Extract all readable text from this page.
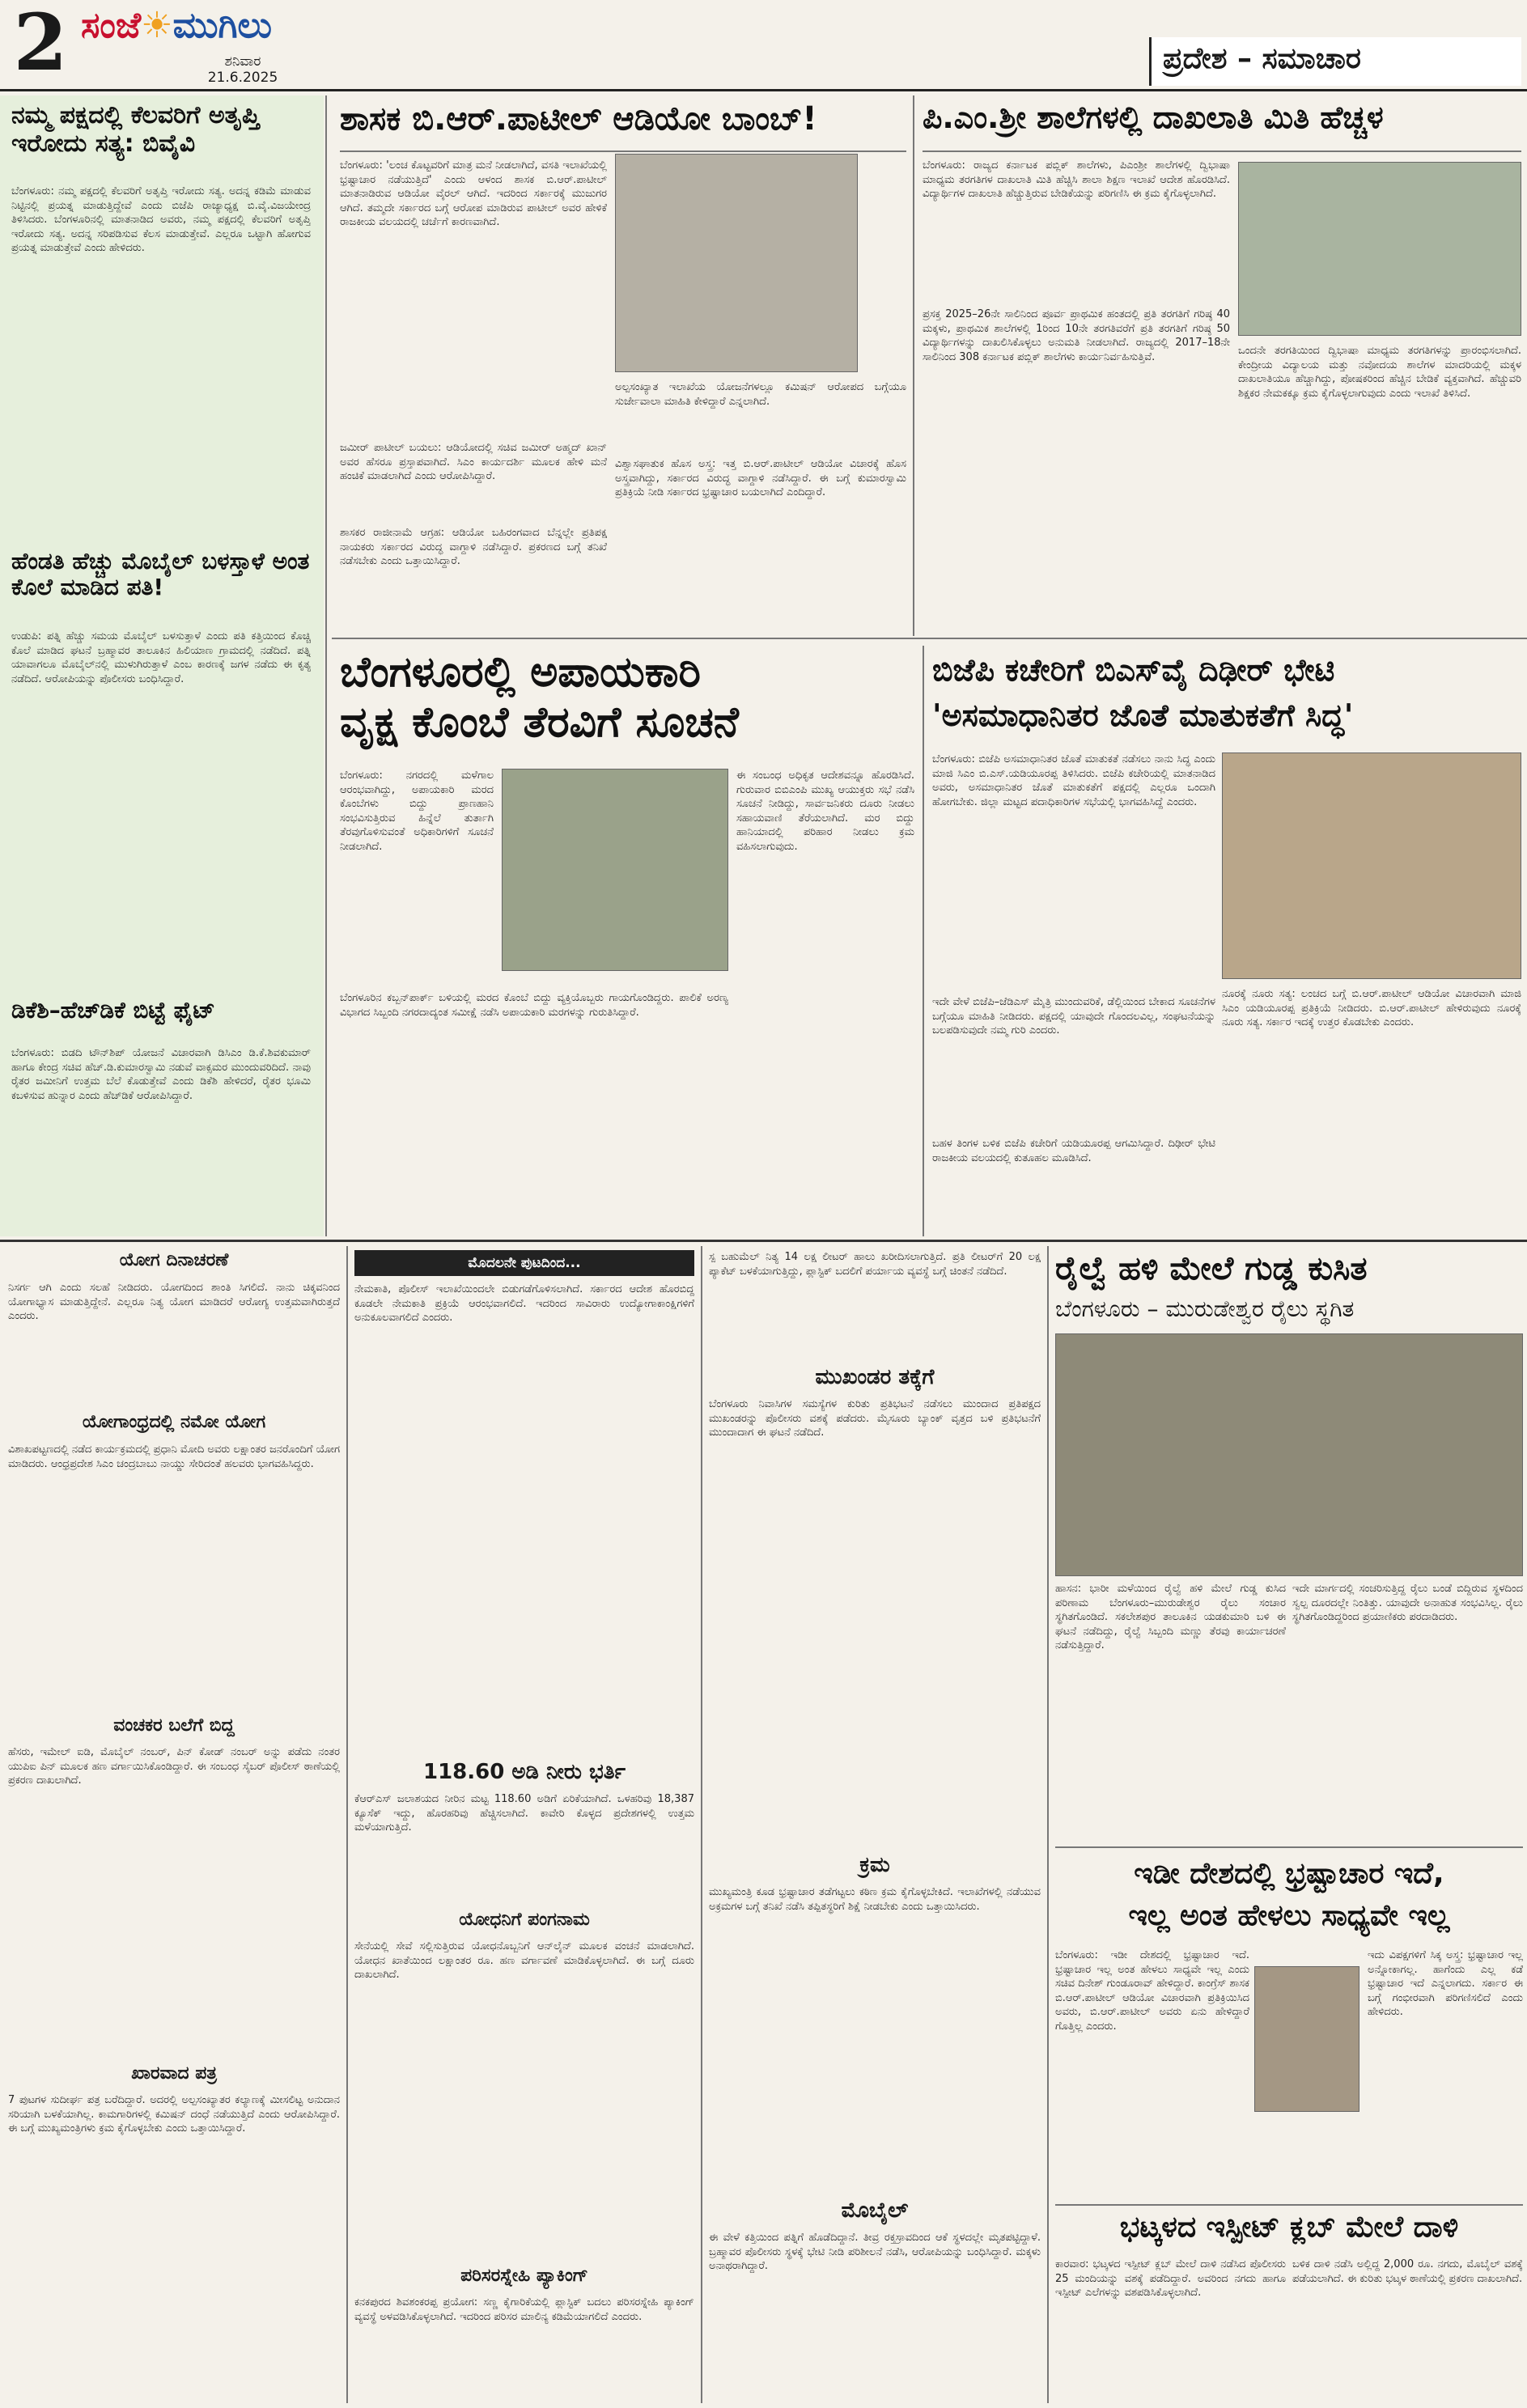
2 ಸಂಜೆ☀ಮುಗಿಲು
ಶನಿವಾರ
21.6.2025
ಪ್ರದೇಶ – ಸಮಾಚಾರ
ನಮ್ಮ ಪಕ್ಷದಲ್ಲಿ ಕೆಲವರಿಗೆ ಅತೃಪ್ತಿ ಇರೋದು ಸತ್ಯ: ಬಿವೈವಿ
ಬೆಂಗಳೂರು: ನಮ್ಮ ಪಕ್ಷದಲ್ಲಿ ಕೆಲವರಿಗೆ ಅತೃಪ್ತಿ ಇರೋದು ಸತ್ಯ. ಅದನ್ನ ಕಡಿಮೆ ಮಾಡುವ ನಿಟ್ಟಿನಲ್ಲಿ ಪ್ರಯತ್ನ ಮಾಡುತ್ತಿದ್ದೇವೆ ಎಂದು ಬಿಜೆಪಿ ರಾಜ್ಯಾಧ್ಯಕ್ಷ ಬಿ.ವೈ.ವಿಜಯೇಂದ್ರ ತಿಳಿಸಿದರು. ಬೆಂಗಳೂರಿನಲ್ಲಿ ಮಾತನಾಡಿದ ಅವರು, ನಮ್ಮ ಪಕ್ಷದಲ್ಲಿ ಕೆಲವರಿಗೆ ಅತೃಪ್ತಿ ಇರೋದು ಸತ್ಯ. ಅದನ್ನ ಸರಿಪಡಿಸುವ ಕೆಲಸ ಮಾಡುತ್ತೇವೆ. ಎಲ್ಲರೂ ಒಟ್ಟಾಗಿ ಹೋಗುವ ಪ್ರಯತ್ನ ಮಾಡುತ್ತೇವೆ ಎಂದು ಹೇಳಿದರು.
ಹೆಂಡತಿ ಹೆಚ್ಚು ಮೊಬೈಲ್ ಬಳಸ್ತಾಳೆ ಅಂತ ಕೊಲೆ ಮಾಡಿದ ಪತಿ!
ಉಡುಪಿ: ಪತ್ನಿ ಹೆಚ್ಚು ಸಮಯ ಮೊಬೈಲ್ ಬಳಸುತ್ತಾಳೆ ಎಂದು ಪತಿ ಕತ್ತಿಯಿಂದ ಕೊಚ್ಚಿ ಕೊಲೆ ಮಾಡಿದ ಘಟನೆ ಬ್ರಹ್ಮಾವರ ತಾಲೂಕಿನ ಹಿಲಿಯಾಣ ಗ್ರಾಮದಲ್ಲಿ ನಡೆದಿದೆ. ಪತ್ನಿ ಯಾವಾಗಲೂ ಮೊಬೈಲ್‌ನಲ್ಲಿ ಮುಳುಗಿರುತ್ತಾಳೆ ಎಂಬ ಕಾರಣಕ್ಕೆ ಜಗಳ ನಡೆದು ಈ ಕೃತ್ಯ ನಡೆದಿದೆ. ಆರೋಪಿಯನ್ನು ಪೊಲೀಸರು ಬಂಧಿಸಿದ್ದಾರೆ.
ಡಿಕೆಶಿ–ಹೆಚ್‌ಡಿಕೆ ಬಿಟ್ಟೆ ಫೈಟ್
ಬೆಂಗಳೂರು: ಬಿಡದಿ ಟೌನ್‌ಶಿಪ್ ಯೋಜನೆ ವಿಚಾರವಾಗಿ ಡಿಸಿಎಂ ಡಿ.ಕೆ.ಶಿವಕುಮಾರ್ ಹಾಗೂ ಕೇಂದ್ರ ಸಚಿವ ಹೆಚ್.ಡಿ.ಕುಮಾರಸ್ವಾಮಿ ನಡುವೆ ವಾಕ್ಸಮರ ಮುಂದುವರಿದಿದೆ. ನಾವು ರೈತರ ಜಮೀನಿಗೆ ಉತ್ತಮ ಬೆಲೆ ಕೊಡುತ್ತೇವೆ ಎಂದು ಡಿಕೆಶಿ ಹೇಳಿದರೆ, ರೈತರ ಭೂಮಿ ಕಬಳಿಸುವ ಹುನ್ನಾರ ಎಂದು ಹೆಚ್‌ಡಿಕೆ ಆರೋಪಿಸಿದ್ದಾರೆ.
ಶಾಸಕ ಬಿ.ಆರ್.ಪಾಟೀಲ್ ಆಡಿಯೋ ಬಾಂಬ್!
ಬೆಂಗಳೂರು: 'ಲಂಚ ಕೊಟ್ಟವರಿಗೆ ಮಾತ್ರ ಮನೆ ನೀಡಲಾಗಿದೆ, ವಸತಿ ಇಲಾಖೆಯಲ್ಲಿ ಭ್ರಷ್ಟಾಚಾರ ನಡೆಯುತ್ತಿದೆ' ಎಂದು ಆಳಂದ ಶಾಸಕ ಬಿ.ಆರ್.ಪಾಟೀಲ್ ಮಾತನಾಡಿರುವ ಆಡಿಯೋ ವೈರಲ್ ಆಗಿದೆ. ಇದರಿಂದ ಸರ್ಕಾರಕ್ಕೆ ಮುಜುಗರ ಆಗಿದೆ. ತಮ್ಮದೇ ಸರ್ಕಾರದ ಬಗ್ಗೆ ಆರೋಪ ಮಾಡಿರುವ ಪಾಟೀಲ್ ಅವರ ಹೇಳಿಕೆ ರಾಜಕೀಯ ವಲಯದಲ್ಲಿ ಚರ್ಚೆಗೆ ಕಾರಣವಾಗಿದೆ.
ಜಮೀರ್ ಪಾಟೀಲ್ ಬಯಲು: ಆಡಿಯೋದಲ್ಲಿ ಸಚಿವ ಜಮೀರ್ ಅಹ್ಮದ್ ಖಾನ್ ಅವರ ಹೆಸರೂ ಪ್ರಸ್ತಾಪವಾಗಿದೆ. ಸಿಎಂ ಕಾರ್ಯದರ್ಶಿ ಮೂಲಕ ಹೇಳಿ ಮನೆ ಹಂಚಿಕೆ ಮಾಡಲಾಗಿದೆ ಎಂದು ಆರೋಪಿಸಿದ್ದಾರೆ.
ಶಾಸಕರ ರಾಜೀನಾಮೆ ಆಗ್ರಹ: ಆಡಿಯೋ ಬಹಿರಂಗವಾದ ಬೆನ್ನಲ್ಲೇ ಪ್ರತಿಪಕ್ಷ ನಾಯಕರು ಸರ್ಕಾರದ ವಿರುದ್ಧ ವಾಗ್ದಾಳಿ ನಡೆಸಿದ್ದಾರೆ. ಪ್ರಕರಣದ ಬಗ್ಗೆ ತನಿಖೆ ನಡೆಸಬೇಕು ಎಂದು ಒತ್ತಾಯಿಸಿದ್ದಾರೆ.
ಅಲ್ಪಸಂಖ್ಯಾತ ಇಲಾಖೆಯ ಯೋಜನೆಗಳಲ್ಲೂ ಕಮಿಷನ್ ಆರೋಪದ ಬಗ್ಗೆಯೂ ಸುರ್ಜೇವಾಲಾ ಮಾಹಿತಿ ಕೇಳಿದ್ದಾರೆ ಎನ್ನಲಾಗಿದೆ.
ವಿಶ್ವಾಸಘಾತುಕ ಹೊಸ ಅಸ್ತ್ರ: ಇತ್ತ ಬಿ.ಆರ್.ಪಾಟೀಲ್ ಆಡಿಯೋ ವಿಚಾರಕ್ಕೆ ಹೊಸ ಅಸ್ತ್ರವಾಗಿದ್ದು, ಸರ್ಕಾರದ ವಿರುದ್ಧ ವಾಗ್ದಾಳಿ ನಡೆಸಿದ್ದಾರೆ. ಈ ಬಗ್ಗೆ ಕುಮಾರಸ್ವಾಮಿ ಪ್ರತಿಕ್ರಿಯೆ ನೀಡಿ ಸರ್ಕಾರದ ಭ್ರಷ್ಟಾಚಾರ ಬಯಲಾಗಿದೆ ಎಂದಿದ್ದಾರೆ.
ಪಿ.ಎಂ.ಶ್ರೀ ಶಾಲೆಗಳಲ್ಲಿ ದಾಖಲಾತಿ ಮಿತಿ ಹೆಚ್ಚಳ
ಬೆಂಗಳೂರು: ರಾಜ್ಯದ ಕರ್ನಾಟಕ ಪಬ್ಲಿಕ್ ಶಾಲೆಗಳು, ಪಿಎಂಶ್ರೀ ಶಾಲೆಗಳಲ್ಲಿ ದ್ವಿಭಾಷಾ ಮಾಧ್ಯಮ ತರಗತಿಗಳ ದಾಖಲಾತಿ ಮಿತಿ ಹೆಚ್ಚಿಸಿ ಶಾಲಾ ಶಿಕ್ಷಣ ಇಲಾಖೆ ಆದೇಶ ಹೊರಡಿಸಿದೆ. ವಿದ್ಯಾರ್ಥಿಗಳ ದಾಖಲಾತಿ ಹೆಚ್ಚುತ್ತಿರುವ ಬೇಡಿಕೆಯನ್ನು ಪರಿಗಣಿಸಿ ಈ ಕ್ರಮ ಕೈಗೊಳ್ಳಲಾಗಿದೆ.
ಪ್ರಸಕ್ತ 2025–26ನೇ ಸಾಲಿನಿಂದ ಪೂರ್ವ ಪ್ರಾಥಮಿಕ ಹಂತದಲ್ಲಿ ಪ್ರತಿ ತರಗತಿಗೆ ಗರಿಷ್ಠ 40 ಮಕ್ಕಳು, ಪ್ರಾಥಮಿಕ ಶಾಲೆಗಳಲ್ಲಿ 1ರಿಂದ 10ನೇ ತರಗತಿವರೆಗೆ ಪ್ರತಿ ತರಗತಿಗೆ ಗರಿಷ್ಠ 50 ವಿದ್ಯಾರ್ಥಿಗಳನ್ನು ದಾಖಲಿಸಿಕೊಳ್ಳಲು ಅನುಮತಿ ನೀಡಲಾಗಿದೆ. ರಾಜ್ಯದಲ್ಲಿ 2017–18ನೇ ಸಾಲಿನಿಂದ 308 ಕರ್ನಾಟಕ ಪಬ್ಲಿಕ್ ಶಾಲೆಗಳು ಕಾರ್ಯನಿರ್ವಹಿಸುತ್ತಿವೆ.	ಒಂದನೇ ತರಗತಿಯಿಂದ ದ್ವಿಭಾಷಾ ಮಾಧ್ಯಮ ತರಗತಿಗಳನ್ನು ಪ್ರಾರಂಭಿಸಲಾಗಿದೆ. ಕೇಂದ್ರೀಯ ವಿದ್ಯಾಲಯ ಮತ್ತು ನವೋದಯ ಶಾಲೆಗಳ ಮಾದರಿಯಲ್ಲಿ ಮಕ್ಕಳ ದಾಖಲಾತಿಯೂ ಹೆಚ್ಚಾಗಿದ್ದು, ಪೋಷಕರಿಂದ ಹೆಚ್ಚಿನ ಬೇಡಿಕೆ ವ್ಯಕ್ತವಾಗಿದೆ. ಹೆಚ್ಚುವರಿ ಶಿಕ್ಷಕರ ನೇಮಕಕ್ಕೂ ಕ್ರಮ ಕೈಗೊಳ್ಳಲಾಗುವುದು ಎಂದು ಇಲಾಖೆ ತಿಳಿಸಿದೆ.
ಬೆಂಗಳೂರಲ್ಲಿ ಅಪಾಯಕಾರಿ
ವೃಕ್ಷ ಕೊಂಬೆ ತೆರವಿಗೆ ಸೂಚನೆ
ಬೆಂಗಳೂರು: ನಗರದಲ್ಲಿ ಮಳೆಗಾಲ ಆರಂಭವಾಗಿದ್ದು, ಅಪಾಯಕಾರಿ ಮರದ ಕೊಂಬೆಗಳು ಬಿದ್ದು ಪ್ರಾಣಹಾನಿ ಸಂಭವಿಸುತ್ತಿರುವ ಹಿನ್ನೆಲೆ ತುರ್ತಾಗಿ ತೆರವುಗೊಳಿಸುವಂತೆ ಅಧಿಕಾರಿಗಳಿಗೆ ಸೂಚನೆ ನೀಡಲಾಗಿದೆ.
ಬೆಂಗಳೂರಿನ ಕಬ್ಬನ್‌ಪಾರ್ಕ್ ಬಳಿಯಲ್ಲಿ ಮರದ ಕೊಂಬೆ ಬಿದ್ದು ವ್ಯಕ್ತಿಯೊಬ್ಬರು ಗಾಯಗೊಂಡಿದ್ದರು. ಪಾಲಿಕೆ ಅರಣ್ಯ ವಿಭಾಗದ ಸಿಬ್ಬಂದಿ ನಗರದಾದ್ಯಂತ ಸಮೀಕ್ಷೆ ನಡೆಸಿ ಅಪಾಯಕಾರಿ ಮರಗಳನ್ನು ಗುರುತಿಸಿದ್ದಾರೆ.
ಈ ಸಂಬಂಧ ಅಧಿಕೃತ ಆದೇಶವನ್ನೂ ಹೊರಡಿಸಿದೆ. ಗುರುವಾರ ಬಿಬಿಎಂಪಿ ಮುಖ್ಯ ಆಯುಕ್ತರು ಸಭೆ ನಡೆಸಿ ಸೂಚನೆ ನೀಡಿದ್ದು, ಸಾರ್ವಜನಿಕರು ದೂರು ನೀಡಲು ಸಹಾಯವಾಣಿ ತೆರೆಯಲಾಗಿದೆ. ಮರ ಬಿದ್ದು ಹಾನಿಯಾದಲ್ಲಿ ಪರಿಹಾರ ನೀಡಲು ಕ್ರಮ ವಹಿಸಲಾಗುವುದು.
ಬಿಜೆಪಿ ಕಚೇರಿಗೆ ಬಿಎಸ್‌ವೈ ದಿಢೀರ್ ಭೇಟಿ
'ಅಸಮಾಧಾನಿತರ ಜೊತೆ ಮಾತುಕತೆಗೆ ಸಿದ್ಧ'
ಬೆಂಗಳೂರು: ಬಿಜೆಪಿ ಅಸಮಾಧಾನಿತರ ಜೊತೆ ಮಾತುಕತೆ ನಡೆಸಲು ನಾನು ಸಿದ್ಧ ಎಂದು ಮಾಜಿ ಸಿಎಂ ಬಿ.ಎಸ್.ಯಡಿಯೂರಪ್ಪ ತಿಳಿಸಿದರು. ಬಿಜೆಪಿ ಕಚೇರಿಯಲ್ಲಿ ಮಾತನಾಡಿದ ಅವರು, ಅಸಮಾಧಾನಿತರ ಜೊತೆ ಮಾತುಕತೆಗೆ ಪಕ್ಷದಲ್ಲಿ ಎಲ್ಲರೂ ಒಂದಾಗಿ ಹೋಗಬೇಕು. ಜಿಲ್ಲಾ ಮಟ್ಟದ ಪದಾಧಿಕಾರಿಗಳ ಸಭೆಯಲ್ಲಿ ಭಾಗವಹಿಸಿದ್ದೆ ಎಂದರು.
ಇದೇ ವೇಳೆ ಬಿಜೆಪಿ–ಜೆಡಿಎಸ್ ಮೈತ್ರಿ ಮುಂದುವರಿಕೆ, ಡೆಲ್ಲಿಯಿಂದ ಬೇಕಾದ ಸೂಚನೆಗಳ ಬಗ್ಗೆಯೂ ಮಾಹಿತಿ ನೀಡಿದರು. ಪಕ್ಷದಲ್ಲಿ ಯಾವುದೇ ಗೊಂದಲವಿಲ್ಲ, ಸಂಘಟನೆಯನ್ನು ಬಲಪಡಿಸುವುದೇ ನಮ್ಮ ಗುರಿ ಎಂದರು.
ಬಹಳ ತಿಂಗಳ ಬಳಿಕ ಬಿಜೆಪಿ ಕಚೇರಿಗೆ ಯಡಿಯೂರಪ್ಪ ಆಗಮಿಸಿದ್ದಾರೆ. ದಿಢೀರ್ ಭೇಟಿ ರಾಜಕೀಯ ವಲಯದಲ್ಲಿ ಕುತೂಹಲ ಮೂಡಿಸಿದೆ.
ನೂರಕ್ಕೆ ನೂರು ಸತ್ಯ: ಲಂಚದ ಬಗ್ಗೆ ಬಿ.ಆರ್.ಪಾಟೀಲ್ ಆಡಿಯೋ ವಿಚಾರವಾಗಿ ಮಾಜಿ ಸಿಎಂ ಯಡಿಯೂರಪ್ಪ ಪ್ರತಿಕ್ರಿಯೆ ನೀಡಿದರು. ಬಿ.ಆರ್.ಪಾಟೀಲ್ ಹೇಳಿರುವುದು ನೂರಕ್ಕೆ ನೂರು ಸತ್ಯ. ಸರ್ಕಾರ ಇದಕ್ಕೆ ಉತ್ತರ ಕೊಡಬೇಕು ಎಂದರು.
ಯೋಗ ದಿನಾಚರಣೆ
ನಿಸರ್ಗ ಆಗಿ ಎಂದು ಸಲಹೆ ನೀಡಿದರು. ಯೋಗದಿಂದ ಶಾಂತಿ ಸಿಗಲಿದೆ. ನಾನು ಚಿಕ್ಕವನಿಂದ ಯೋಗಾಭ್ಯಾಸ ಮಾಡುತ್ತಿದ್ದೇನೆ. ಎಲ್ಲರೂ ನಿತ್ಯ ಯೋಗ ಮಾಡಿದರೆ ಆರೋಗ್ಯ ಉತ್ತಮವಾಗಿರುತ್ತದೆ ಎಂದರು.
ಯೋಗಾಂಧ್ರದಲ್ಲಿ ನಮೋ ಯೋಗ
ವಿಶಾಖಪಟ್ಟಣದಲ್ಲಿ ನಡೆದ ಕಾರ್ಯಕ್ರಮದಲ್ಲಿ ಪ್ರಧಾನಿ ಮೋದಿ ಅವರು ಲಕ್ಷಾಂತರ ಜನರೊಂದಿಗೆ ಯೋಗ ಮಾಡಿದರು. ಆಂಧ್ರಪ್ರದೇಶ ಸಿಎಂ ಚಂದ್ರಬಾಬು ನಾಯ್ಡು ಸೇರಿದಂತೆ ಹಲವರು ಭಾಗವಹಿಸಿದ್ದರು.
ವಂಚಕರ ಬಲೆಗೆ ಬಿದ್ದ
ಹೆಸರು, ಇಮೇಲ್ ಐಡಿ, ಮೊಬೈಲ್ ನಂಬರ್, ಪಿನ್ ಕೋಡ್ ನಂಬರ್ ಅನ್ನು ಪಡೆದು ನಂತರ ಯುಪಿಐ ಪಿನ್ ಮೂಲಕ ಹಣ ವರ್ಗಾಯಿಸಿಕೊಂಡಿದ್ದಾರೆ. ಈ ಸಂಬಂಧ ಸೈಬರ್ ಪೊಲೀಸ್ ಠಾಣೆಯಲ್ಲಿ ಪ್ರಕರಣ ದಾಖಲಾಗಿದೆ.
ಖಾರವಾದ ಪತ್ರ
7 ಪುಟಗಳ ಸುದೀರ್ಘ ಪತ್ರ ಬರೆದಿದ್ದಾರೆ. ಅದರಲ್ಲಿ ಅಲ್ಪಸಂಖ್ಯಾತರ ಕಲ್ಯಾಣಕ್ಕೆ ಮೀಸಲಿಟ್ಟ ಅನುದಾನ ಸರಿಯಾಗಿ ಬಳಕೆಯಾಗಿಲ್ಲ. ಕಾಮಗಾರಿಗಳಲ್ಲಿ ಕಮಿಷನ್ ದಂಧೆ ನಡೆಯುತ್ತಿದೆ ಎಂದು ಆರೋಪಿಸಿದ್ದಾರೆ. ಈ ಬಗ್ಗೆ ಮುಖ್ಯಮಂತ್ರಿಗಳು ಕ್ರಮ ಕೈಗೊಳ್ಳಬೇಕು ಎಂದು ಒತ್ತಾಯಿಸಿದ್ದಾರೆ.
ಮೊದಲನೇ ಪುಟದಿಂದ...
ನೇಮಕಾತಿ, ಪೊಲೀಸ್ ಇಲಾಖೆಯಿಂದಲೇ ಬಿಡುಗಡೆಗೊಳಿಸಲಾಗಿದೆ. ಸರ್ಕಾರದ ಆದೇಶ ಹೊರಬಿದ್ದ ಕೂಡಲೇ ನೇಮಕಾತಿ ಪ್ರಕ್ರಿಯೆ ಆರಂಭವಾಗಲಿದೆ. ಇದರಿಂದ ಸಾವಿರಾರು ಉದ್ಯೋಗಾಕಾಂಕ್ಷಿಗಳಿಗೆ ಅನುಕೂಲವಾಗಲಿದೆ ಎಂದರು.
118.60 ಅಡಿ ನೀರು ಭರ್ತಿ
ಕೆಆರ್‌ಎಸ್ ಜಲಾಶಯದ ನೀರಿನ ಮಟ್ಟ 118.60 ಅಡಿಗೆ ಏರಿಕೆಯಾಗಿದೆ. ಒಳಹರಿವು 18,387 ಕ್ಯೂಸೆಕ್ ಇದ್ದು, ಹೊರಹರಿವು ಹೆಚ್ಚಿಸಲಾಗಿದೆ. ಕಾವೇರಿ ಕೊಳ್ಳದ ಪ್ರದೇಶಗಳಲ್ಲಿ ಉತ್ತಮ ಮಳೆಯಾಗುತ್ತಿದೆ.
ಯೋಧನಿಗೆ ಪಂಗನಾಮ
ಸೇನೆಯಲ್ಲಿ ಸೇವೆ ಸಲ್ಲಿಸುತ್ತಿರುವ ಯೋಧನೊಬ್ಬನಿಗೆ ಆನ್‌ಲೈನ್ ಮೂಲಕ ವಂಚನೆ ಮಾಡಲಾಗಿದೆ. ಯೋಧನ ಖಾತೆಯಿಂದ ಲಕ್ಷಾಂತರ ರೂ. ಹಣ ವರ್ಗಾವಣೆ ಮಾಡಿಕೊಳ್ಳಲಾಗಿದೆ. ಈ ಬಗ್ಗೆ ದೂರು ದಾಖಲಾಗಿದೆ.
ಪರಿಸರಸ್ನೇಹಿ ಪ್ಯಾಕಿಂಗ್
ಕನಕಪುರದ ಶಿವಶಂಕರಪ್ಪ ಪ್ರಯೋಗ: ಸಣ್ಣ ಕೈಗಾರಿಕೆಯಲ್ಲಿ ಪ್ಲಾಸ್ಟಿಕ್ ಬದಲು ಪರಿಸರಸ್ನೇಹಿ ಪ್ಯಾಕಿಂಗ್ ವ್ಯವಸ್ಥೆ ಅಳವಡಿಸಿಕೊಳ್ಳಲಾಗಿದೆ. ಇದರಿಂದ ಪರಿಸರ ಮಾಲಿನ್ಯ ಕಡಿಮೆಯಾಗಲಿದೆ ಎಂದರು.
ಸ್ಪ ಬಹುಮೆಲ್ ನಿತ್ಯ 14 ಲಕ್ಷ ಲೀಟರ್ ಹಾಲು ಖರೀದಿಸಲಾಗುತ್ತಿದೆ. ಪ್ರತಿ ಲೀಟರ್‌ಗೆ 20 ಲಕ್ಷ ಪ್ಯಾಕೆಟ್ ಬಳಕೆಯಾಗುತ್ತಿದ್ದು, ಪ್ಲಾಸ್ಟಿಕ್ ಬದಲಿಗೆ ಪರ್ಯಾಯ ವ್ಯವಸ್ಥೆ ಬಗ್ಗೆ ಚಿಂತನೆ ನಡೆದಿದೆ.
ಮುಖಂಡರ ತಕ್ಕೆಗೆ
ಬೆಂಗಳೂರು ನಿವಾಸಿಗಳ ಸಮಸ್ಯೆಗಳ ಕುರಿತು ಪ್ರತಿಭಟನೆ ನಡೆಸಲು ಮುಂದಾದ ಪ್ರತಿಪಕ್ಷದ ಮುಖಂಡರನ್ನು ಪೊಲೀಸರು ವಶಕ್ಕೆ ಪಡೆದರು. ಮೈಸೂರು ಬ್ಯಾಂಕ್ ವೃತ್ತದ ಬಳಿ ಪ್ರತಿಭಟನೆಗೆ ಮುಂದಾದಾಗ ಈ ಘಟನೆ ನಡೆದಿದೆ.
ಕ್ರಮ
ಮುಖ್ಯಮಂತ್ರಿ ಕೂಡ ಭ್ರಷ್ಟಾಚಾರ ತಡೆಗಟ್ಟಲು ಕಠಿಣ ಕ್ರಮ ಕೈಗೊಳ್ಳಬೇಕಿದೆ. ಇಲಾಖೆಗಳಲ್ಲಿ ನಡೆಯುವ ಅಕ್ರಮಗಳ ಬಗ್ಗೆ ತನಿಖೆ ನಡೆಸಿ ತಪ್ಪಿತಸ್ಥರಿಗೆ ಶಿಕ್ಷೆ ನೀಡಬೇಕು ಎಂದು ಒತ್ತಾಯಿಸಿದರು.
ಮೊಬೈಲ್
ಈ ವೇಳೆ ಕತ್ತಿಯಿಂದ ಪತ್ನಿಗೆ ಹೊಡೆದಿದ್ದಾನೆ. ತೀವ್ರ ರಕ್ತಸ್ರಾವದಿಂದ ಆಕೆ ಸ್ಥಳದಲ್ಲೇ ಮೃತಪಟ್ಟಿದ್ದಾಳೆ. ಬ್ರಹ್ಮಾವರ ಪೊಲೀಸರು ಸ್ಥಳಕ್ಕೆ ಭೇಟಿ ನೀಡಿ ಪರಿಶೀಲನೆ ನಡೆಸಿ, ಆರೋಪಿಯನ್ನು ಬಂಧಿಸಿದ್ದಾರೆ. ಮಕ್ಕಳು ಅನಾಥರಾಗಿದ್ದಾರೆ.
ರೈಲ್ವೆ ಹಳಿ ಮೇಲೆ ಗುಡ್ಡ ಕುಸಿತ
ಬೆಂಗಳೂರು – ಮುರುಡೇಶ್ವರ ರೈಲು ಸ್ಥಗಿತ
ಹಾಸನ: ಭಾರೀ ಮಳೆಯಿಂದ ರೈಲ್ವೆ ಹಳಿ ಮೇಲೆ ಗುಡ್ಡ ಕುಸಿದ ಪರಿಣಾಮ ಬೆಂಗಳೂರು–ಮುರುಡೇಶ್ವರ ರೈಲು ಸಂಚಾರ ಸ್ಥಗಿತಗೊಂಡಿದೆ. ಸಕಲೇಶಪುರ ತಾಲೂಕಿನ ಯಡಕುಮಾರಿ ಬಳಿ ಈ ಘಟನೆ ನಡೆದಿದ್ದು, ರೈಲ್ವೆ ಸಿಬ್ಬಂದಿ ಮಣ್ಣು ತೆರವು ಕಾರ್ಯಾಚರಣೆ ನಡೆಸುತ್ತಿದ್ದಾರೆ.
ಇದೇ ಮಾರ್ಗದಲ್ಲಿ ಸಂಚರಿಸುತ್ತಿದ್ದ ರೈಲು ಬಂಡೆ ಬಿದ್ದಿರುವ ಸ್ಥಳದಿಂದ ಸ್ವಲ್ಪ ದೂರದಲ್ಲೇ ನಿಂತಿತ್ತು. ಯಾವುದೇ ಅನಾಹುತ ಸಂಭವಿಸಿಲ್ಲ. ರೈಲು ಸ್ಥಗಿತಗೊಂಡಿದ್ದರಿಂದ ಪ್ರಯಾಣಿಕರು ಪರದಾಡಿದರು.
ಇಡೀ ದೇಶದಲ್ಲಿ ಭ್ರಷ್ಟಾಚಾರ ಇದೆ,
ಇಲ್ಲ ಅಂತ ಹೇಳಲು ಸಾಧ್ಯವೇ ಇಲ್ಲ
ಬೆಂಗಳೂರು: ಇಡೀ ದೇಶದಲ್ಲಿ ಭ್ರಷ್ಟಾಚಾರ ಇದೆ. ಭ್ರಷ್ಟಾಚಾರ ಇಲ್ಲ ಅಂತ ಹೇಳಲು ಸಾಧ್ಯವೇ ಇಲ್ಲ ಎಂದು ಸಚಿವ ದಿನೇಶ್ ಗುಂಡೂರಾವ್ ಹೇಳಿದ್ದಾರೆ. ಕಾಂಗ್ರೆಸ್ ಶಾಸಕ ಬಿ.ಆರ್.ಪಾಟೀಲ್ ಆಡಿಯೋ ವಿಚಾರವಾಗಿ ಪ್ರತಿಕ್ರಿಯಿಸಿದ ಅವರು, ಬಿ.ಆರ್.ಪಾಟೀಲ್ ಅವರು ಏನು ಹೇಳಿದ್ದಾರೆ ಗೊತ್ತಿಲ್ಲ ಎಂದರು.
ಇದು ವಿಪಕ್ಷಗಳಿಗೆ ಸಿಕ್ಕ ಅಸ್ತ್ರ: ಭ್ರಷ್ಟಾಚಾರ ಇಲ್ಲ ಅನ್ನೋಕಾಗಲ್ಲ. ಹಾಗೆಂದು ಎಲ್ಲ ಕಡೆ ಭ್ರಷ್ಟಾಚಾರ ಇದೆ ಎನ್ನಲಾಗದು. ಸರ್ಕಾರ ಈ ಬಗ್ಗೆ ಗಂಭೀರವಾಗಿ ಪರಿಗಣಿಸಲಿದೆ ಎಂದು ಹೇಳಿದರು.
ಭಟ್ಕಳದ ಇಸ್ಪೀಟ್ ಕ್ಲಬ್ ಮೇಲೆ ದಾಳಿ
ಕಾರವಾರ: ಭಟ್ಕಳದ ಇಸ್ಪೀಟ್ ಕ್ಲಬ್ ಮೇಲೆ ದಾಳಿ ನಡೆಸಿದ ಪೊಲೀಸರು 25 ಮಂದಿಯನ್ನು ವಶಕ್ಕೆ ಪಡೆದಿದ್ದಾರೆ. ಅವರಿಂದ ನಗದು ಹಾಗೂ ಇಸ್ಪೀಟ್ ಎಲೆಗಳನ್ನು ವಶಪಡಿಸಿಕೊಳ್ಳಲಾಗಿದೆ.
ಬಳಿಕ ದಾಳಿ ನಡೆಸಿ ಅಲ್ಲಿದ್ದ 2,000 ರೂ. ನಗದು, ಮೊಬೈಲ್ ವಶಕ್ಕೆ ಪಡೆಯಲಾಗಿದೆ. ಈ ಕುರಿತು ಭಟ್ಕಳ ಠಾಣೆಯಲ್ಲಿ ಪ್ರಕರಣ ದಾಖಲಾಗಿದೆ.
